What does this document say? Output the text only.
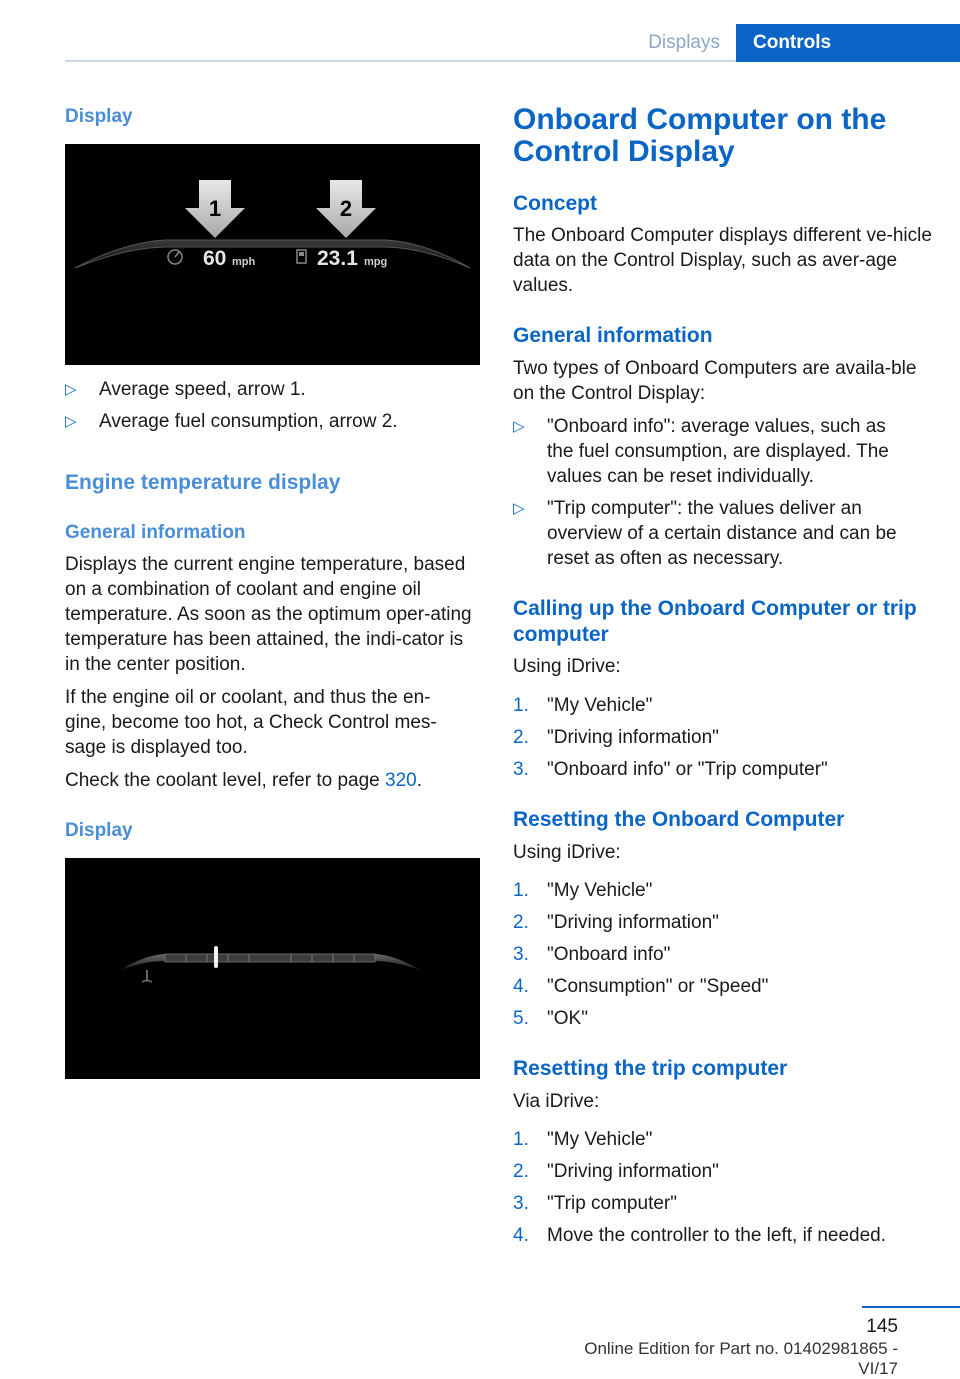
Displays	Controls
Display
1	2
60 mph	23.1 mpg
▷ Average speed, arrow 1.
▷ Average fuel consumption, arrow 2.
Engine temperature display
General information
Displays the current engine temperature, based on a combination of coolant and engine oil temperature. As soon as the optimum oper‐ating temperature has been attained, the indi‐cator is in the center position.
If the engine oil or coolant, and thus the en‐gine, become too hot, a Check Control mes‐sage is displayed too.
Check the coolant level, refer to page 320.
Display
Onboard Computer on the Control Display
Concept
The Onboard Computer displays different ve‐hicle data on the Control Display, such as aver‐age values.
General information
Two types of Onboard Computers are availa‐ble on the Control Display:
▷ "Onboard info": average values, such as the fuel consumption, are displayed. The values can be reset individually.
▷ "Trip computer": the values deliver an overview of a certain distance and can be reset as often as necessary.
Calling up the Onboard Computer or trip computer
Using iDrive:
1. "My Vehicle"
2. "Driving information"
3. "Onboard info" or "Trip computer"
Resetting the Onboard Computer
Using iDrive:
1. "My Vehicle"
2. "Driving information"
3. "Onboard info"
4. "Consumption" or "Speed"
5. "OK"
Resetting the trip computer
Via iDrive:
1. "My Vehicle"
2. "Driving information"
3. "Trip computer"
4. Move the controller to the left, if needed.
145
Online Edition for Part no. 01402981865 - VI/17
